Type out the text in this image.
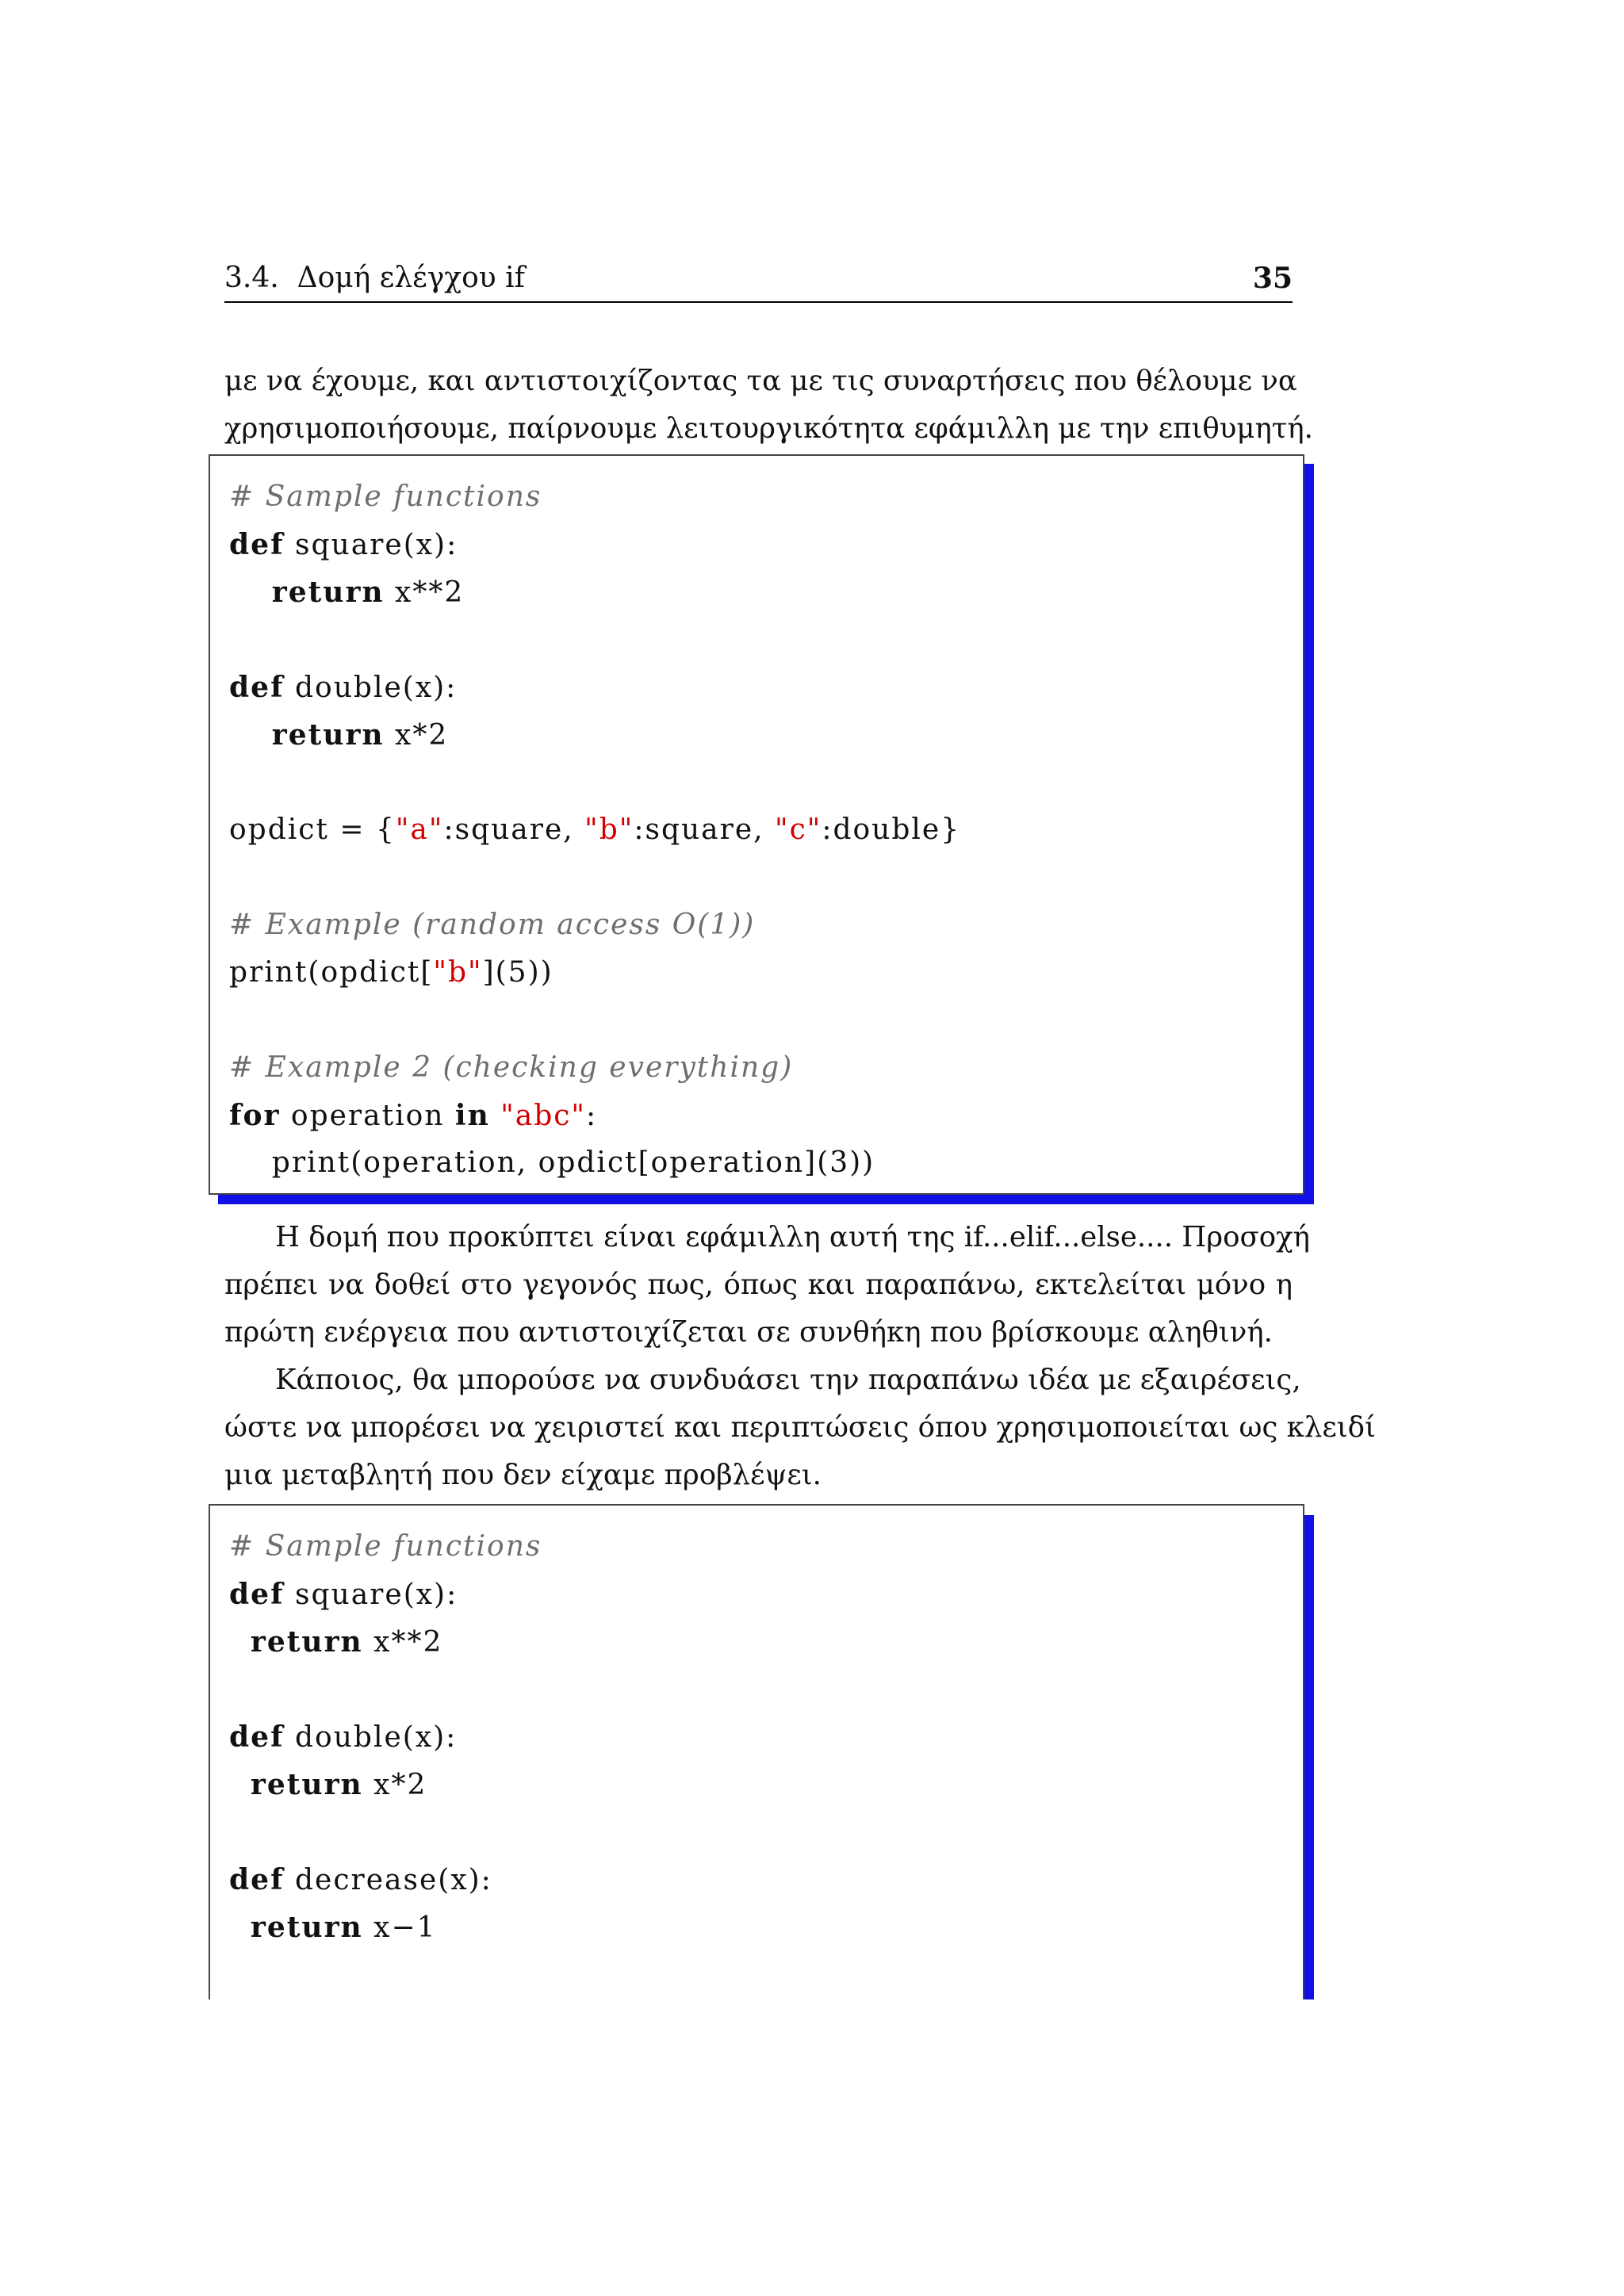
3.4.  Δομή ελέγχου if	35
με να έχουμε, και αντιστοιχίζοντας τα με τις συναρτήσεις που θέλουμε να
χρησιμοποιήσουμε, παίρνουμε λειτουργικότητα εφάμιλλη με την επιθυμητή.
# Sample functions
def square(x):
return x**2
def double(x):
return x*2
opdict = {"a":square, "b":square, "c":double}
# Example (random access O(1))
print(opdict["b"](5))
# Example 2 (checking everything)
for operation in "abc":
print(operation, opdict[operation](3))
Η δομή που προκύπτει είναι εφάμιλλη αυτή της if...elif...else.... Προσοχή
πρέπει να δοθεί στο γεγονός πως, όπως και παραπάνω, εκτελείται μόνο η
πρώτη ενέργεια που αντιστοιχίζεται σε συνθήκη που βρίσκουμε αληθινή.
Κάποιος, θα μπορούσε να συνδυάσει την παραπάνω ιδέα με εξαιρέσεις,
ώστε να μπορέσει να χειριστεί και περιπτώσεις όπου χρησιμοποιείται ως κλειδί
μια μεταβλητή που δεν είχαμε προβλέψει.
# Sample functions
def square(x):
return x**2
def double(x):
return x*2
def decrease(x):
return x−1
